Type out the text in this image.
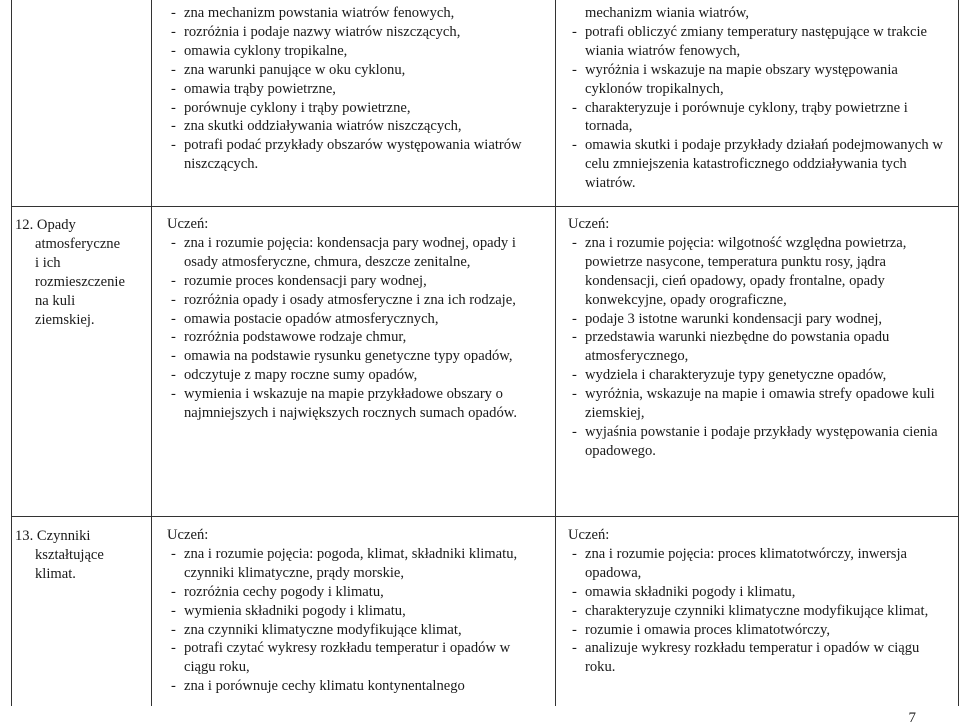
- zna mechanizm powstania wiatrów fenowych,
- rozróżnia i podaje nazwy wiatrów niszczących,
- omawia cyklony tropikalne,
- zna warunki panujące w oku cyklonu,
- omawia trąby powietrzne,
- porównuje cyklony i trąby powietrzne,
- zna skutki oddziaływania wiatrów niszczących,
- potrafi podać przykłady obszarów występowania wiatrów niszczących.
mechanizm wiania wiatrów,
- potrafi obliczyć zmiany temperatury następujące w trakcie wiania wiatrów fenowych,
- wyróżnia i wskazuje na mapie obszary występowania cyklonów tropikalnych,
- charakteryzuje i porównuje cyklony, trąby powietrzne i tornada,
- omawia skutki i podaje przykłady działań podejmowanych w celu zmniejszenia katastroficznego oddziaływania tych wiatrów.
12. Opady
atmosferyczne
i ich
rozmieszczenie
na kuli
ziemskiej.
Uczeń:
- zna i rozumie pojęcia: kondensacja pary wodnej, opady i osady atmosferyczne, chmura, deszcze zenitalne,
- rozumie proces kondensacji pary wodnej,
- rozróżnia opady i osady atmosferyczne i zna ich rodzaje,
- omawia postacie opadów atmosferycznych,
- rozróżnia podstawowe rodzaje chmur,
- omawia na podstawie rysunku genetyczne typy opadów,
- odczytuje z mapy roczne sumy opadów,
- wymienia i wskazuje na mapie przykładowe obszary o najmniejszych i największych rocznych sumach opadów.
Uczeń:
- zna i rozumie pojęcia: wilgotność względna powietrza, powietrze nasycone, temperatura punktu rosy, jądra kondensacji, cień opadowy, opady frontalne, opady konwekcyjne, opady orograficzne,
- podaje 3 istotne warunki kondensacji pary wodnej,
- przedstawia warunki niezbędne do powstania opadu atmosferycznego,
- wydziela i charakteryzuje typy genetyczne opadów,
- wyróżnia, wskazuje na mapie i omawia strefy opadowe kuli ziemskiej,
- wyjaśnia powstanie i podaje przykłady występowania cienia opadowego.
13. Czynniki
kształtujące
klimat.
Uczeń:
- zna i rozumie pojęcia: pogoda, klimat, składniki klimatu, czynniki klimatyczne, prądy morskie,
- rozróżnia cechy pogody i klimatu,
- wymienia składniki pogody i klimatu,
- zna czynniki klimatyczne modyfikujące klimat,
- potrafi czytać wykresy rozkładu temperatur i opadów w ciągu roku,
- zna i porównuje cechy klimatu kontynentalnego
Uczeń:
- zna i rozumie pojęcia: proces klimatotwórczy, inwersja opadowa,
- omawia składniki pogody i klimatu,
- charakteryzuje czynniki klimatyczne modyfikujące klimat,
- rozumie i omawia proces klimatotwórczy,
- analizuje wykresy rozkładu temperatur i opadów w ciągu roku.
7
